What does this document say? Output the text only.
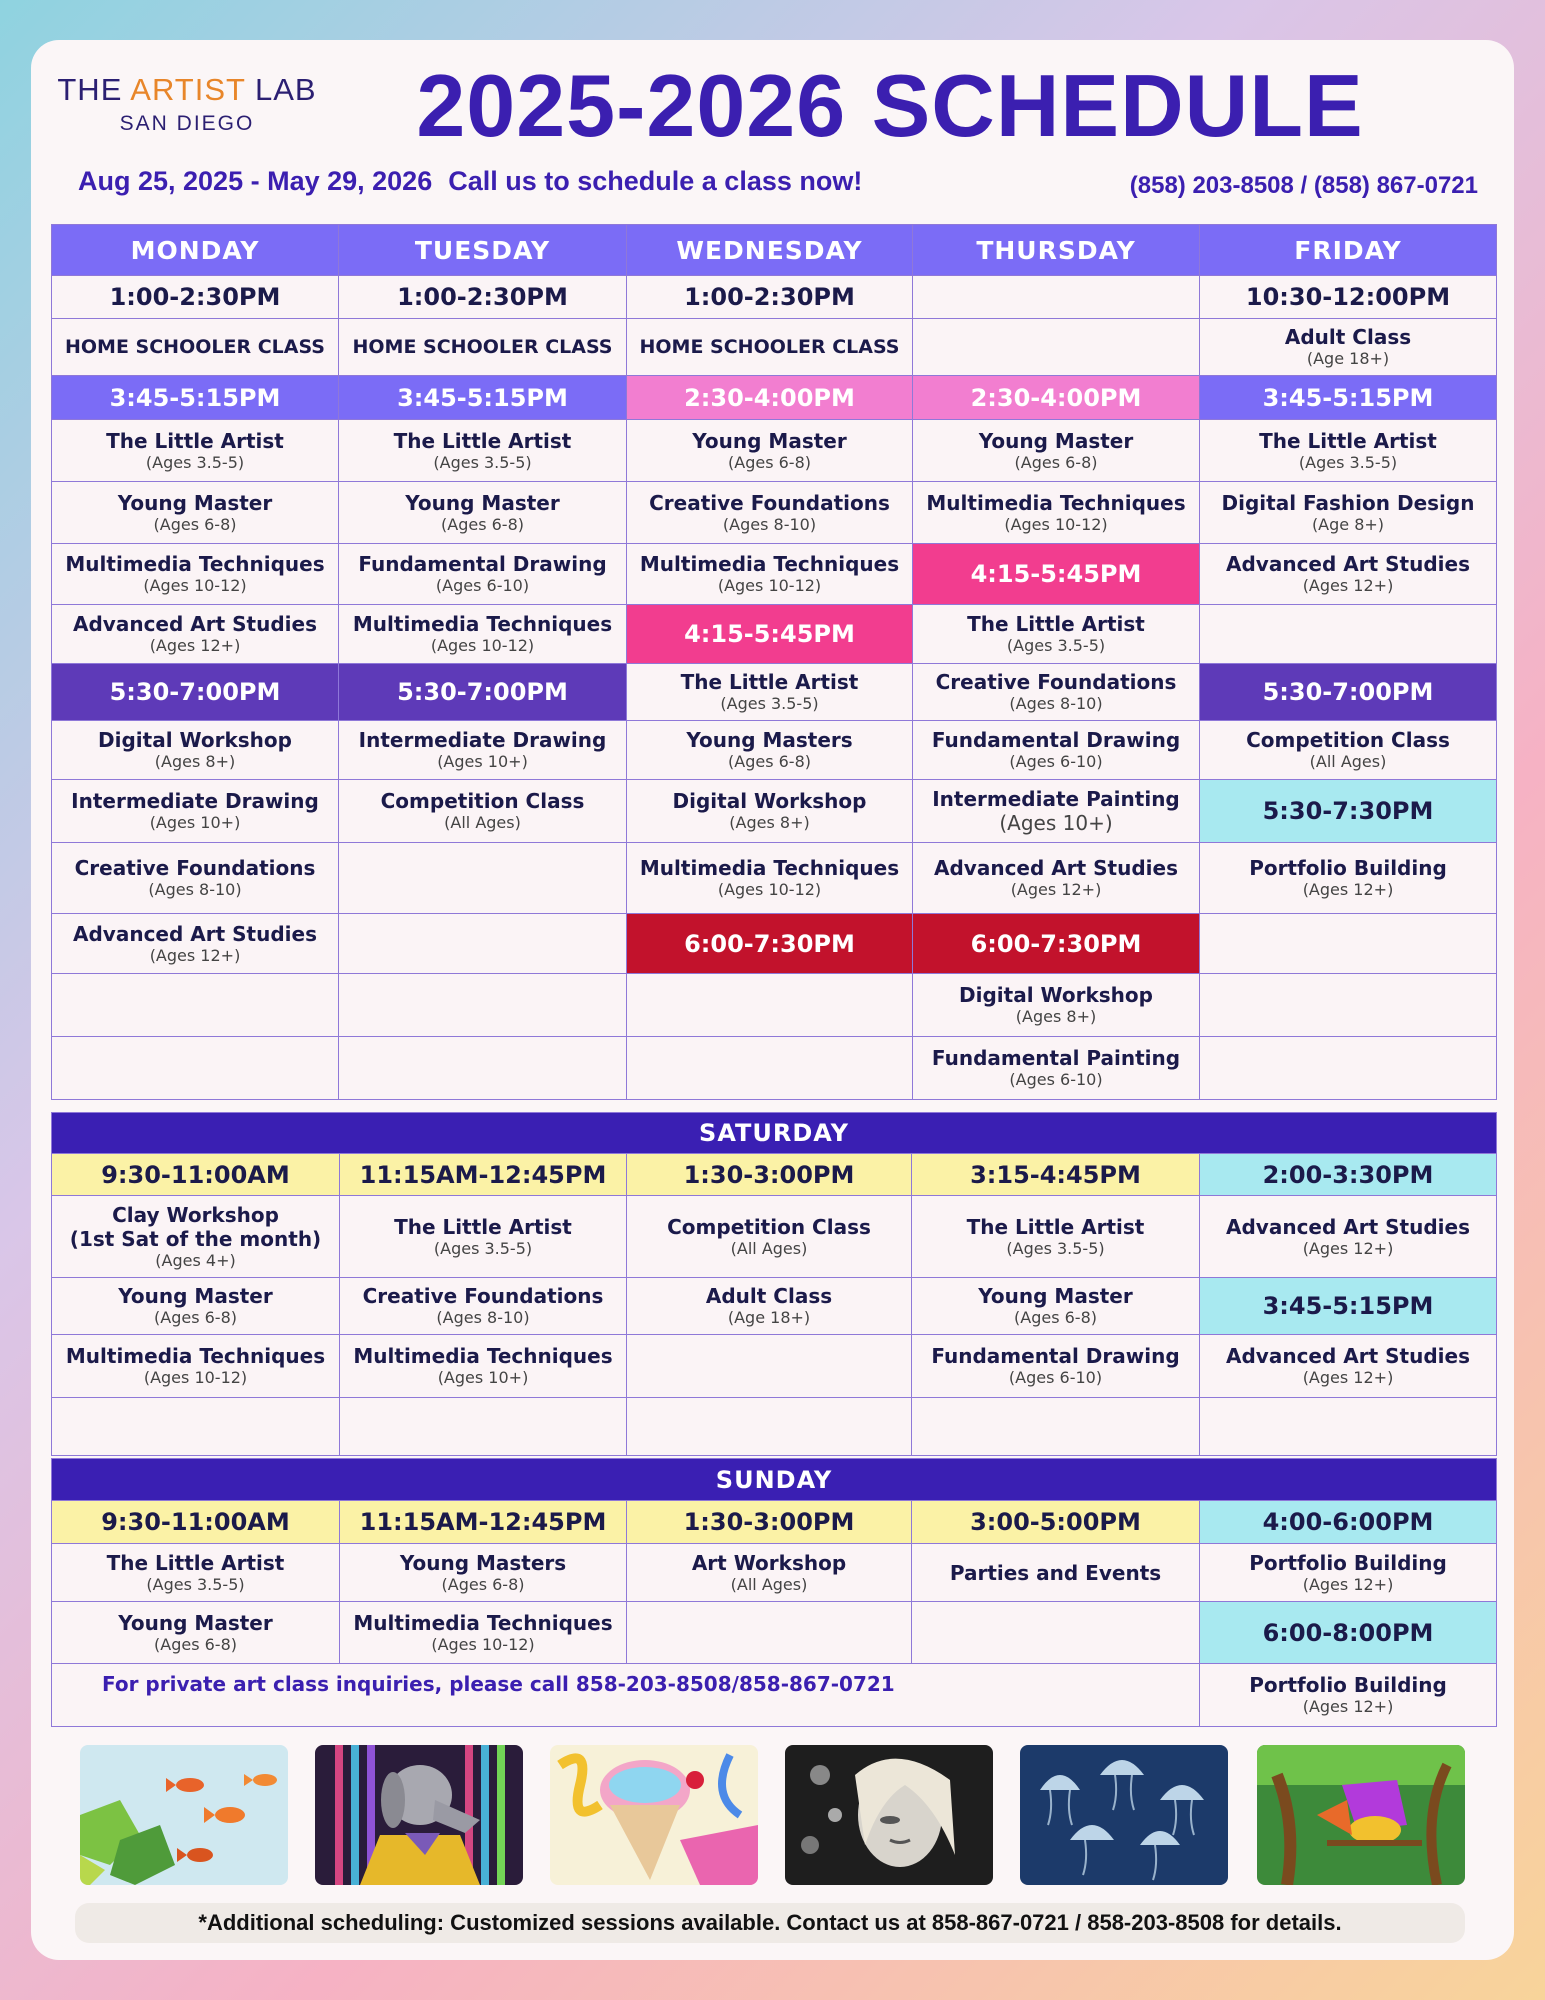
THE ARTIST LAB
SAN DIEGO	2025-2026 SCHEDULE
Aug 25, 2025 - May 29, 2026 Call us to schedule a class now!	(858) 203-8508 / (858) 867-0721
MONDAY	TUESDAY	WEDNESDAY	THURSDAY	FRIDAY
1:00-2:30PM	1:00-2:30PM	1:00-2:30PM		10:30-12:00PM
HOME SCHOOLER CLASS	HOME SCHOOLER CLASS	HOME SCHOOLER CLASS		Adult Class
(Age 18+)

3:45-5:15PM	3:45-5:15PM	2:30-4:00PM	2:30-4:00PM	3:45-5:15PM

The Little Artist
(Ages 3.5-5)	The Little Artist
(Ages 3.5-5)	Young Master
(Ages 6-8)	Young Master
(Ages 6-8)	The Little Artist
(Ages 3.5-5)

Young Master
(Ages 6-8)	Young Master
(Ages 6-8)	Creative Foundations
(Ages 8-10)	Multimedia Techniques
(Ages 10-12)	Digital Fashion Design
(Age 8+)

Multimedia Techniques
(Ages 10-12)	Fundamental Drawing
(Ages 6-10)	Multimedia Techniques
(Ages 10-12)	4:15-5:45PM	Advanced Art Studies
(Ages 12+)

Advanced Art Studies
(Ages 12+)	Multimedia Techniques
(Ages 10-12)	4:15-5:45PM	The Little Artist
(Ages 3.5-5)	

5:30-7:00PM	5:30-7:00PM	The Little Artist
(Ages 3.5-5)	Creative Foundations
(Ages 8-10)	5:30-7:00PM

Digital Workshop
(Ages 8+)	Intermediate Drawing
(Ages 10+)	Young Masters
(Ages 6-8)	Fundamental Drawing
(Ages 6-10)	Competition Class
(All Ages)

Intermediate Drawing
(Ages 10+)	Competition Class
(All Ages)	Digital Workshop
(Ages 8+)	Intermediate Painting
(Ages 10+)	5:30-7:30PM

Creative Foundations
(Ages 8-10)		Multimedia Techniques
(Ages 10-12)	Advanced Art Studies
(Ages 12+)	Portfolio Building
(Ages 12+)

Advanced Art Studies
(Ages 12+)		6:00-7:30PM	6:00-7:30PM	

			Digital Workshop
(Ages 8+)	

			Fundamental Painting
(Ages 6-10)	

SATURDAY				
9:30-11:00AM	11:15AM-12:45PM	1:30-3:00PM	3:15-4:45PM	2:00-3:30PM

Clay Workshop
(1st Sat of the month)
(Ages 4+)	The Little Artist
(Ages 3.5-5)	Competition Class
(All Ages)	The Little Artist
(Ages 3.5-5)	Advanced Art Studies
(Ages 12+)

Young Master
(Ages 6-8)	Creative Foundations
(Ages 8-10)	Adult Class
(Age 18+)	Young Master
(Ages 6-8)	3:45-5:15PM

Multimedia Techniques
(Ages 10-12)	Multimedia Techniques
(Ages 10+)		Fundamental Drawing
(Ages 6-10)	Advanced Art Studies
(Ages 12+)

SUNDAY				
9:30-11:00AM	11:15AM-12:45PM	1:30-3:00PM	3:00-5:00PM	4:00-6:00PM

The Little Artist
(Ages 3.5-5)	Young Masters
(Ages 6-8)	Art Workshop
(All Ages)	Parties and Events	Portfolio Building
(Ages 12+)

Young Master
(Ages 6-8)	Multimedia Techniques
(Ages 10-12)			6:00-8:00PM
For private art class inquiries, please call 858-203-8508/858-867-0721				Portfolio Building
(Ages 12+)
*Additional scheduling: Customized sessions available. Contact us at 858-867-0721 / 858-203-8508 for details.
